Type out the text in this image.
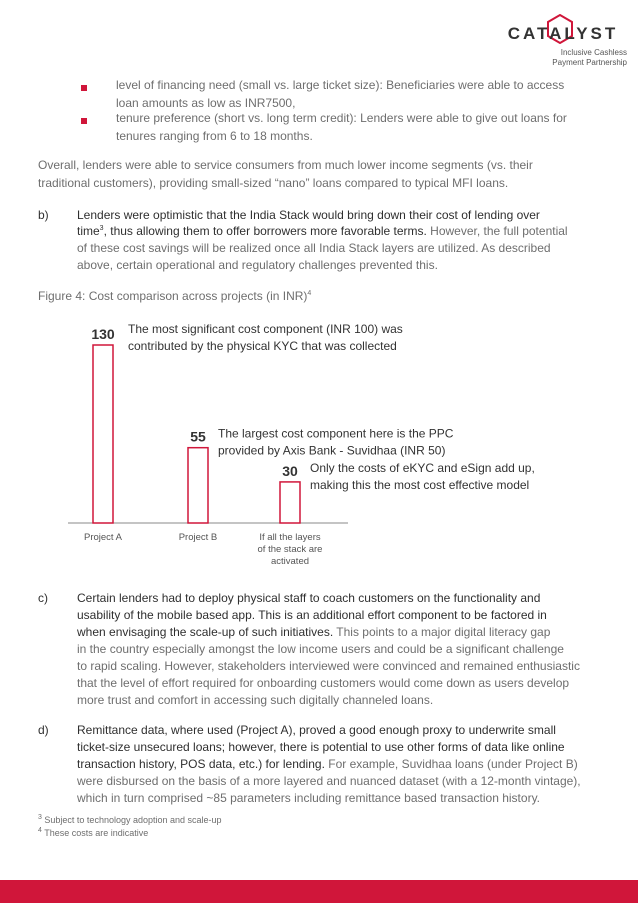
CATALYST
Inclusive Cashless
Payment Partnership
level of financing need (small vs. large ticket size): Beneficiaries were able to access
loan amounts as low as INR7500,
tenure preference (short vs. long term credit): Lenders were able to give out loans for
tenures ranging from 6 to 18 months.
Overall, lenders were able to service consumers from much lower income segments (vs. their
traditional customers), providing small-sized “nano” loans compared to typical MFI loans.
b) Lenders were optimistic that the India Stack would bring down their cost of lending over
time$^3$, thus allowing them to offer borrowers more favorable terms. However, the full potential
of these cost savings will be realized once all India Stack layers are utilized. As described
above, certain operational and regulatory challenges prevented this.
Figure 4: Cost comparison across projects (in INR)$^4$
130 The most significant cost component (INR 100) was
contributed by the physical KYC that was collected
Project A
55 The largest cost component here is the PPC
provided by Axis Bank - Suvidhaa (INR 50)
Project B
30 Only the costs of eKYC and eSign add up,
making this the most cost effective model
If all the layers
of the stack are
activated
c) Certain lenders had to deploy physical staff to coach customers on the functionality and
usability of the mobile based app. This is an additional effort component to be factored in
when envisaging the scale-up of such initiatives. This points to a major digital literacy gap
in the country especially amongst the low income users and could be a significant challenge
to rapid scaling. However, stakeholders interviewed were convinced and remained enthusiastic
that the level of effort required for onboarding customers would come down as users develop
more trust and comfort in accessing such digitally channeled loans.
d) Remittance data, where used (Project A), proved a good enough proxy to underwrite small
ticket-size unsecured loans; however, there is potential to use other forms of data like online
transaction history, POS data, etc.) for lending. For example, Suvidhaa loans (under Project B)
were disbursed on the basis of a more layered and nuanced dataset (with a 12-month vintage),
which in turn comprised ~85 parameters including remittance based transaction history.
$^3$ Subject to technology adoption and scale-up
$^4$ These costs are indicative
